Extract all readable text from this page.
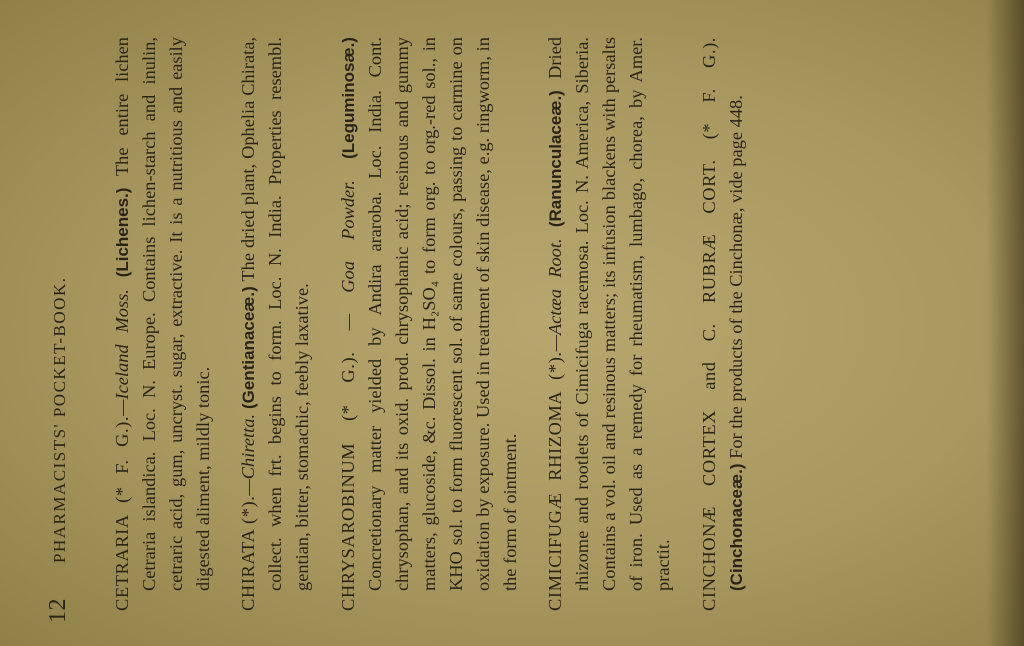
12
PHARMACISTS' POCKET-BOOK. CETRARIA (* F. G.).—Iceland Moss. (Lichenes.) The entire lichen Cetraria islandica. Loc. N. Europe. Contains lichen-starch and inulin, cetraric acid, gum, uncryst. sugar, extractive. It is a nutritious and easily digested aliment, mildly tonic. CHIRATA (*).—Chiretta. (Gentianaceæ.) The dried plant, Ophelia Chirata, collect. when frt. begins to form. Loc. N. India. Properties resembl. gentian, bitter, stomachic, feebly laxative. CHRYSAROBINUM (* G.). — Goa Powder. (Leguminosæ.) Concretionary matter yielded by Andira araroba. Loc. India. Cont. chrysophan, and its oxid. prod. chrysophanic acid; resinous and gummy matters, glucoside, &c. Dissol. in H₂SO₄ to form org. to org.-red sol., in KHO sol. to form fluorescent sol. of same colours, passing to carmine on oxidation by exposure. Used in treatment of skin disease, e.g. ringworm, in the form of ointment. CIMICIFUGÆ RHIZOMA (*).—Actæa Root. (Ranunculaceæ.) Dried rhizome and rootlets of Cimicifuga racemosa. Loc. N. America, Siberia. Contains a vol. oil and resinous matters; its infusion blackens with persalts of iron. Used as a remedy for rheumatism, lumbago, chorea, by Amer. practit. CINCHONÆ CORTEX and C. RUBRÆ CORT. (* F. G.). (Cinchonaceæ.) For the products of the Cinchonæ, vide page 448.
